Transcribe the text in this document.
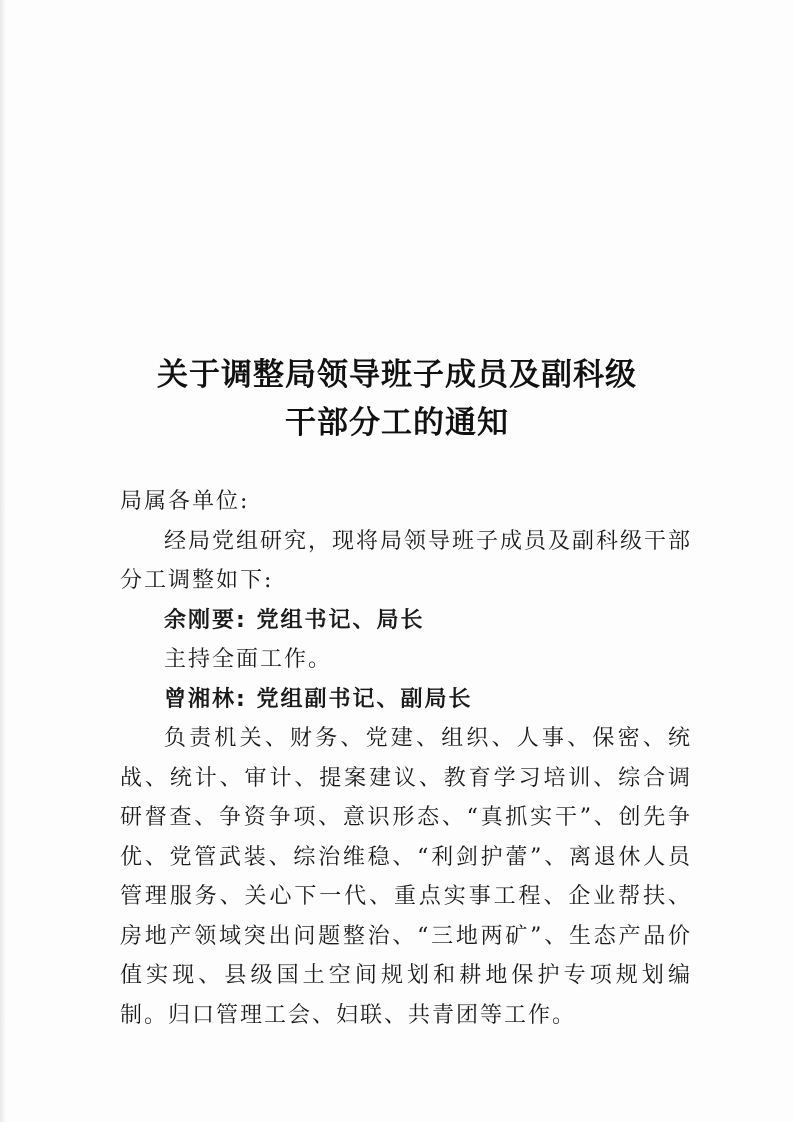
关于调整局领导班子成员及副科级
干部分工的通知

局属各单位:

经局党组研究，现将局领导班子成员及副科级干部分工调整如下:

余刚要: 党组书记、局长

主持全面工作。

曾湘林: 党组副书记、副局长

负责机关、财务、党建、组织、人事、保密、统战、统计、审计、提案建议、教育学习培训、综合调研督查、争资争项、意识形态、“真抓实干”、创先争优、党管武装、综治维稳、“利剑护蕾”、离退休人员管理服务、关心下一代、重点实事工程、企业帮扶、房地产领域突出问题整治、“三地两矿”、生态产品价值实现、县级国土空间规划和耕地保护专项规划编制。归口管理工会、妇联、共青团等工作。
